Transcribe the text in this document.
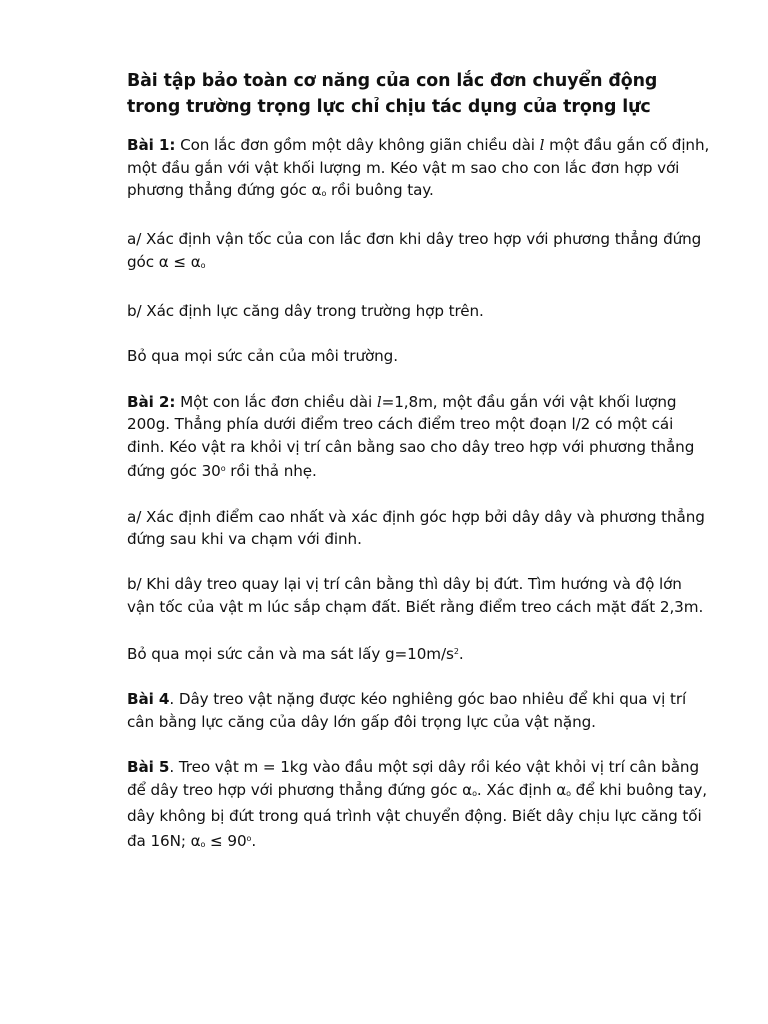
Bài tập bảo toàn cơ năng của con lắc đơn chuyển động
trong trường trọng lực chỉ chịu tác dụng của trọng lực

Bài 1: Con lắc đơn gồm một dây không giãn chiều dài l một đầu gắn cố định, một đầu gắn với vật khối lượng m. Kéo vật m sao cho con lắc đơn hợp với phương thẳng đứng góc αo rồi buông tay.

a/ Xác định vận tốc của con lắc đơn khi dây treo hợp với phương thẳng đứng góc α ≤ αo

b/ Xác định lực căng dây trong trường hợp trên.

Bỏ qua mọi sức cản của môi trường.

Bài 2: Một con lắc đơn chiều dài l=1,8m, một đầu gắn với vật khối lượng 200g. Thẳng phía dưới điểm treo cách điểm treo một đoạn l/2 có một cái đinh. Kéo vật ra khỏi vị trí cân bằng sao cho dây treo hợp với phương thẳng đứng góc 30$^o$ rồi thả nhẹ.

a/ Xác định điểm cao nhất và xác định góc hợp bởi dây dây và phương thẳng đứng sau khi va chạm với đinh.

b/ Khi dây treo quay lại vị trí cân bằng thì dây bị đứt. Tìm hướng và độ lớn vận tốc của vật m lúc sắp chạm đất. Biết rằng điểm treo cách mặt đất 2,3m.

Bỏ qua mọi sức cản và ma sát lấy $g=10m/s^2$.

Bài 4. Dây treo vật nặng được kéo nghiêng góc bao nhiêu để khi qua vị trí cân bằng lực căng của dây lớn gấp đôi trọng lực của vật nặng.

Bài 5. Treo vật m = 1kg vào đầu một sợi dây rồi kéo vật khỏi vị trí cân bằng để dây treo hợp với phương thẳng đứng góc αo. Xác định αo để khi buông tay, dây không bị đứt trong quá trình vật chuyển động. Biết dây chịu lực căng tối đa 16N; $\alpha o \le 90^o$.
